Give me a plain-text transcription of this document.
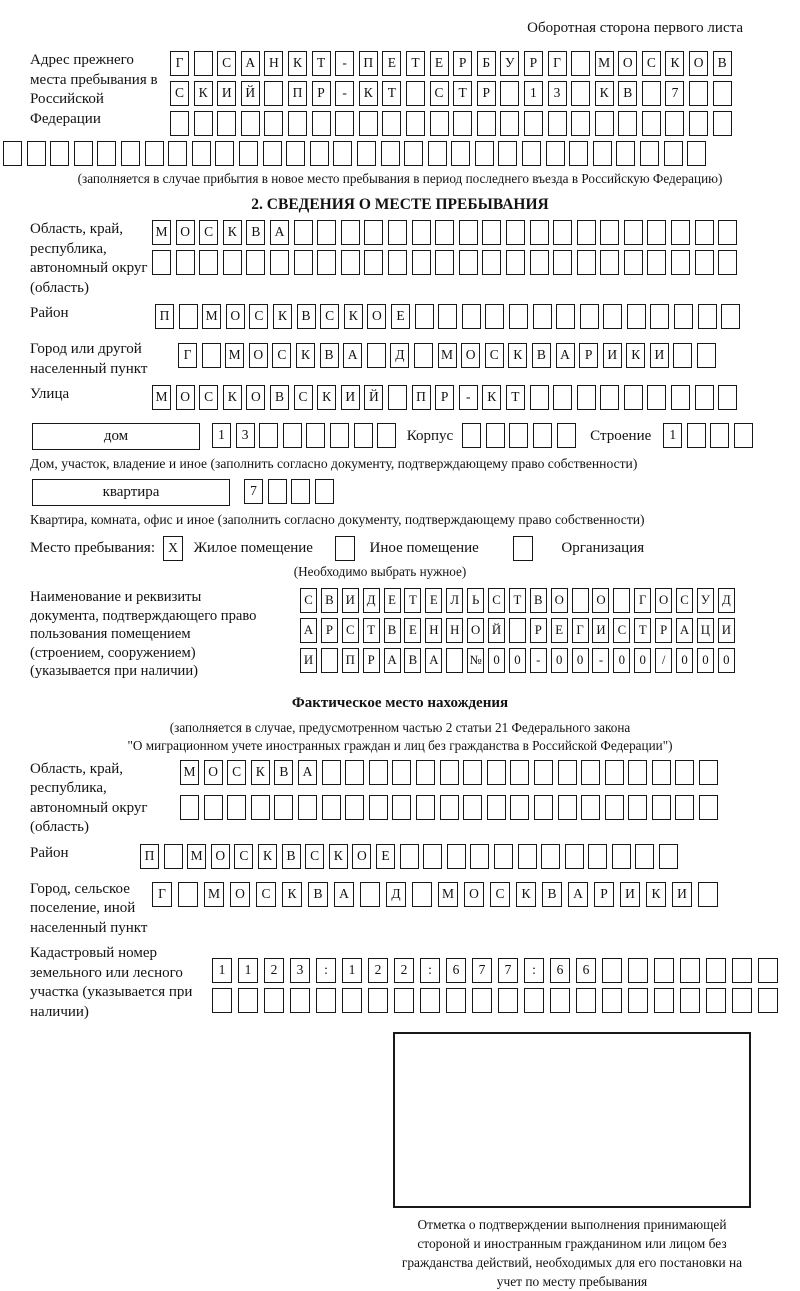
Оборотная сторона первого листа
Адрес прежнего места пребывания в Российской Федерации
Г	С А Н К Т - П Е Т Е Р Б У Р Г	М О С К О В
С К И Й	П Р - К Т	С Т Р	1 3	К В	7
(заполняется в случае прибытия в новое место пребывания в период последнего въезда в Российскую Федерацию)
2. СВЕДЕНИЯ О МЕСТЕ ПРЕБЫВАНИЯ
Область, край, республика, автономный округ (область)
М О С К В А
Район	П	М О С К В С К О Е
Город или другой населенный пункт
Г	М О С К В А	Д	М О С К В А Р И К И
Улица	М О С К О В С К И Й	П Р - К Т
дом	1 3	Корпус	Строение 1
Дом, участок, владение и иное (заполнить согласно документу, подтверждающему право собственности)
квартира	7
Квартира, комната, офис и иное (заполнить согласно документу, подтверждающему право собственности)
Место пребывания: X	Жилое помещение	Иное помещение	Организация
(Необходимо выбрать нужное)
Наименование и реквизиты документа, подтверждающего право пользования помещением (строением, сооружением) (указывается при наличии)
С В И Д Е Т Е Л Ь С Т В О	О	Г О С У Д
А Р С Т В Е Н Н О Й	Р Е Г И С Т Р А Ц И
И	П Р А В А № 0 0 - 0 0 - 0 0 / 0 0 0
Фактическое место нахождения
(заполняется в случае, предусмотренном частью 2 статьи 21 Федерального закона
"О миграционном учете иностранных граждан и лиц без гражданства в Российской Федерации")
Область, край, республика, автономный округ (область)
М О С К В А
Район	П	М О С К В С К О Е
Город, сельское поселение, иной населенный пункт
Г	М О С К В А	Д	М О С К В А Р И К И
Кадастровый номер земельного или лесного участка (указывается при наличии)
1 1 2 3 : 1 2 2 : 6 7 7 : 6 6
Отметка о подтверждении выполнения принимающей стороной и иностранным гражданином или лицом без гражданства действий, необходимых для его постановки на учет по месту пребывания
